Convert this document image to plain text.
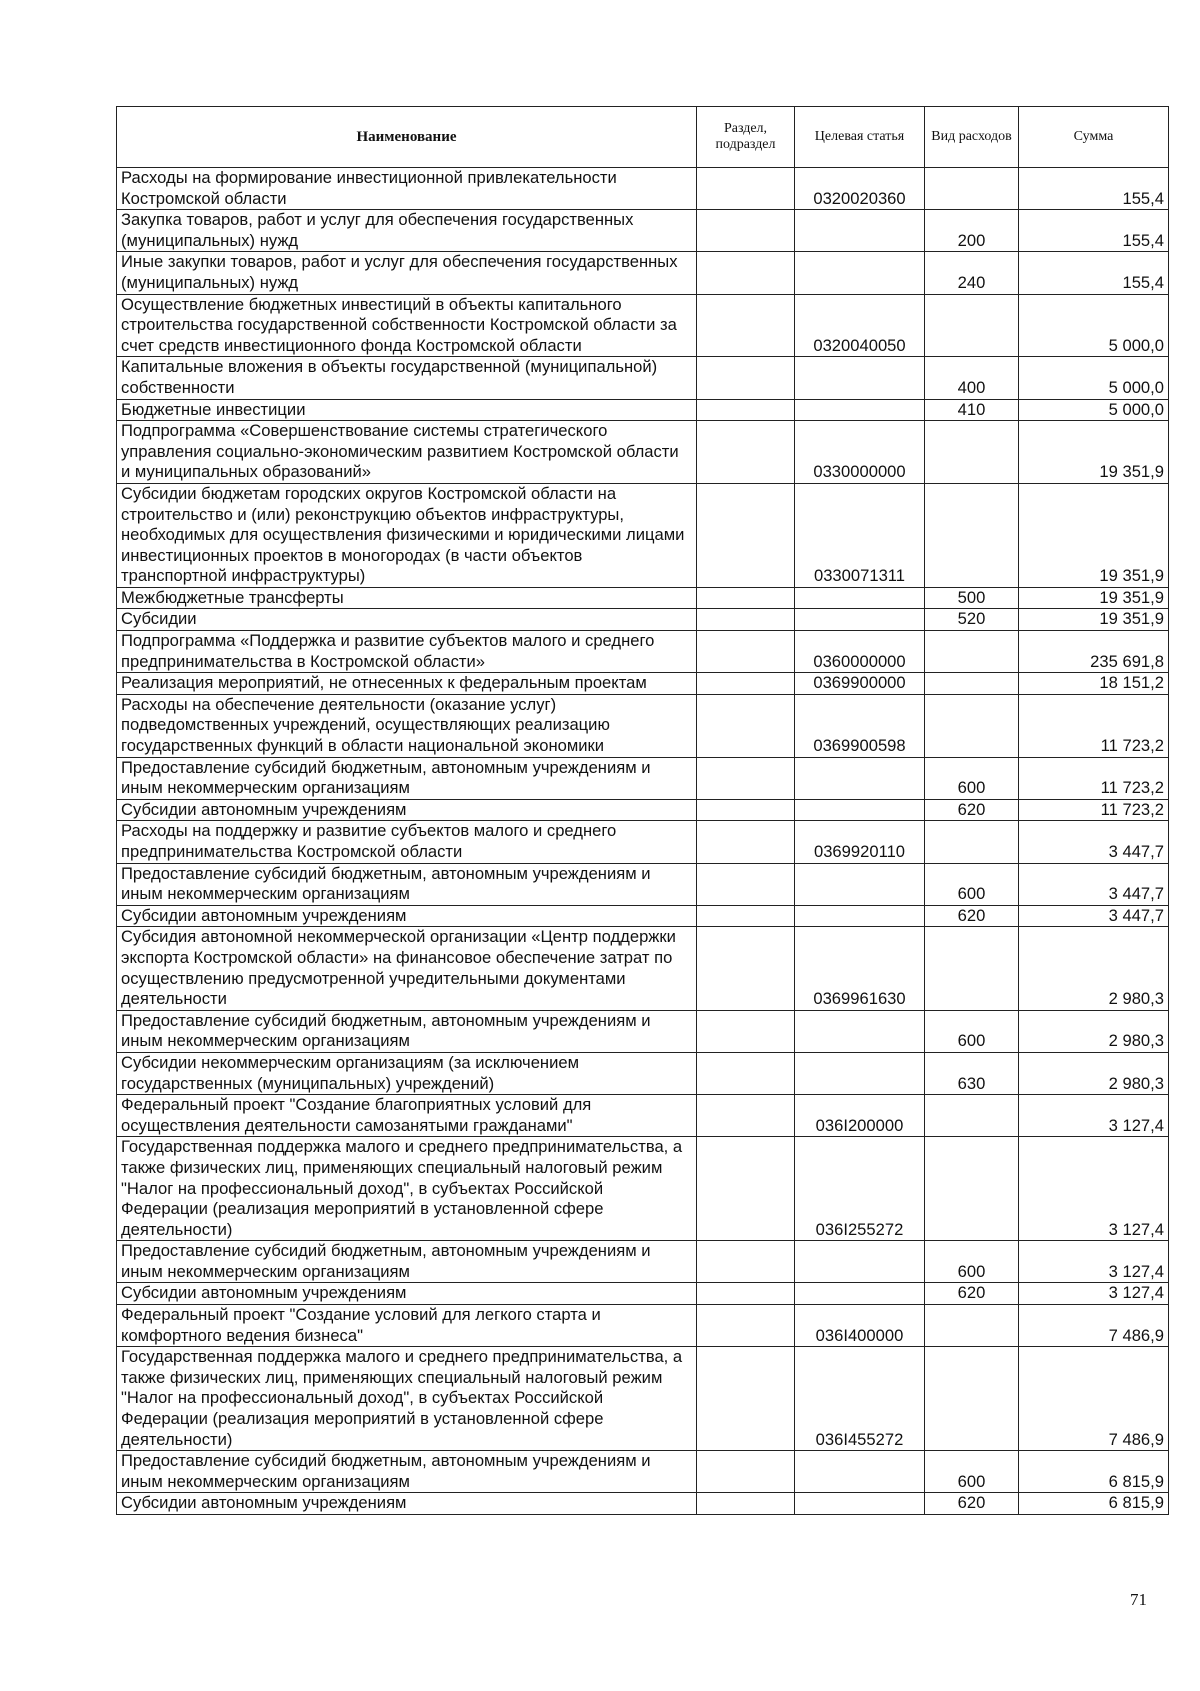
Наименование	Раздел, подраздел	Целевая статья	Вид расходов	Сумма
Расходы на формирование инвестиционной привлекательности Костромской области		0320020360		155,4
Закупка товаров, работ и услуг для обеспечения государственных (муниципальных) нужд			200	155,4
Иные закупки товаров, работ и услуг для обеспечения государственных (муниципальных) нужд			240	155,4
Осуществление бюджетных инвестиций в объекты капитального строительства государственной собственности Костромской области за счет средств инвестиционного фонда Костромской области		0320040050		5 000,0
Капитальные вложения в объекты государственной (муниципальной) собственности			400	5 000,0
Бюджетные инвестиции			410	5 000,0
Подпрограмма «Совершенствование системы стратегического управления социально-экономическим развитием Костромской области и муниципальных образований»		0330000000		19 351,9
Субсидии бюджетам городских округов Костромской области на строительство и (или) реконструкцию объектов инфраструктуры, необходимых для осуществления физическими и юридическими лицами инвестиционных проектов в моногородах (в части объектов транспортной инфраструктуры)		0330071311		19 351,9
Межбюджетные трансферты			500	19 351,9
Субсидии			520	19 351,9
Подпрограмма «Поддержка и развитие субъектов малого и среднего предпринимательства в Костромской области»		0360000000		235 691,8
Реализация мероприятий, не отнесенных к федеральным проектам		0369900000		18 151,2
Расходы на обеспечение деятельности (оказание услуг) подведомственных учреждений, осуществляющих реализацию государственных функций в области национальной экономики		0369900598		11 723,2
Предоставление субсидий бюджетным, автономным учреждениям и иным некоммерческим организациям			600	11 723,2
Субсидии автономным учреждениям			620	11 723,2
Расходы на поддержку и развитие субъектов малого и среднего предпринимательства Костромской области		0369920110		3 447,7
Предоставление субсидий бюджетным, автономным учреждениям и иным некоммерческим организациям			600	3 447,7
Субсидии автономным учреждениям			620	3 447,7
Субсидия автономной некоммерческой организации «Центр поддержки экспорта Костромской области» на финансовое обеспечение затрат по осуществлению предусмотренной учредительными документами деятельности		0369961630		2 980,3
Предоставление субсидий бюджетным, автономным учреждениям и иным некоммерческим организациям			600	2 980,3
Субсидии некоммерческим организациям (за исключением государственных (муниципальных) учреждений)			630	2 980,3
Федеральный проект "Создание благоприятных условий для осуществления деятельности самозанятыми гражданами"		036I200000		3 127,4
Государственная поддержка малого и среднего предпринимательства, а также физических лиц, применяющих специальный налоговый режим "Налог на профессиональный доход", в субъектах Российской Федерации (реализация мероприятий в установленной сфере деятельности)		036I255272		3 127,4
Предоставление субсидий бюджетным, автономным учреждениям и иным некоммерческим организациям			600	3 127,4
Субсидии автономным учреждениям			620	3 127,4
Федеральный проект "Создание условий для легкого старта и комфортного ведения бизнеса"		036I400000		7 486,9
Государственная поддержка малого и среднего предпринимательства, а также физических лиц, применяющих специальный налоговый режим "Налог на профессиональный доход", в субъектах Российской Федерации (реализация мероприятий в установленной сфере деятельности)		036I455272		7 486,9
Предоставление субсидий бюджетным, автономным учреждениям и иным некоммерческим организациям			600	6 815,9
Субсидии автономным учреждениям			620	6 815,9
71
